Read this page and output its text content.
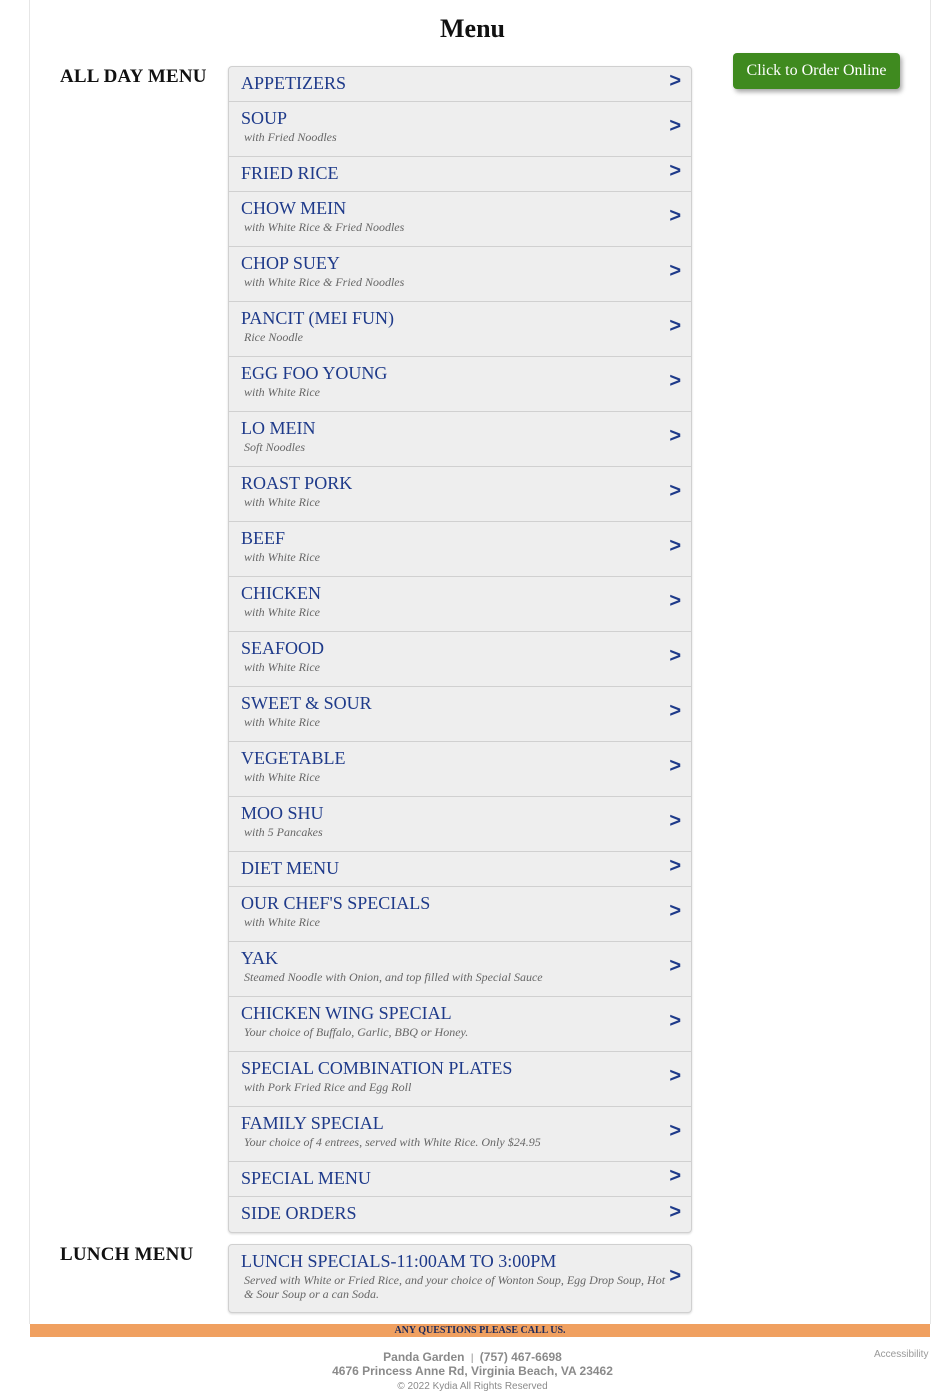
Menu
Click to Order Online
ALL DAY MENU APPETIZERS	>
SOUP
with Fried Noodles	>
FRIED RICE	>
CHOW MEIN
with White Rice & Fried Noodles	>
CHOP SUEY
with White Rice & Fried Noodles	>
PANCIT (MEI FUN)
Rice Noodle	>
EGG FOO YOUNG
with White Rice	>
LO MEIN
Soft Noodles	>
ROAST PORK
with White Rice	>
BEEF
with White Rice	>
CHICKEN
with White Rice	>
SEAFOOD
with White Rice	>
SWEET & SOUR
with White Rice	>
VEGETABLE
with White Rice	>
MOO SHU
with 5 Pancakes	>
DIET MENU	>
OUR CHEF'S SPECIALS
with White Rice	>
YAK
Steamed Noodle with Onion, and top filled with Special Sauce	>
CHICKEN WING SPECIAL
Your choice of Buffalo, Garlic, BBQ or Honey.	>
SPECIAL COMBINATION PLATES
with Pork Fried Rice and Egg Roll	>
FAMILY SPECIAL
Your choice of 4 entrees, served with White Rice. Only $24.95	>
SPECIAL MENU	>
SIDE ORDERS	>
LUNCH MENU	LUNCH SPECIALS-11:00AM TO 3:00PM
Served with White or Fried Rice, and your choice of Wonton Soup, Egg Drop Soup, Hot & Sour Soup or a can Soda.
>
ANY QUESTIONS PLEASE CALL US.
Panda Garden | (757) 467-6698
4676 Princess Anne Rd, Virginia Beach, VA 23462
© 2022 Kydia All Rights Reserved
Accessibility
